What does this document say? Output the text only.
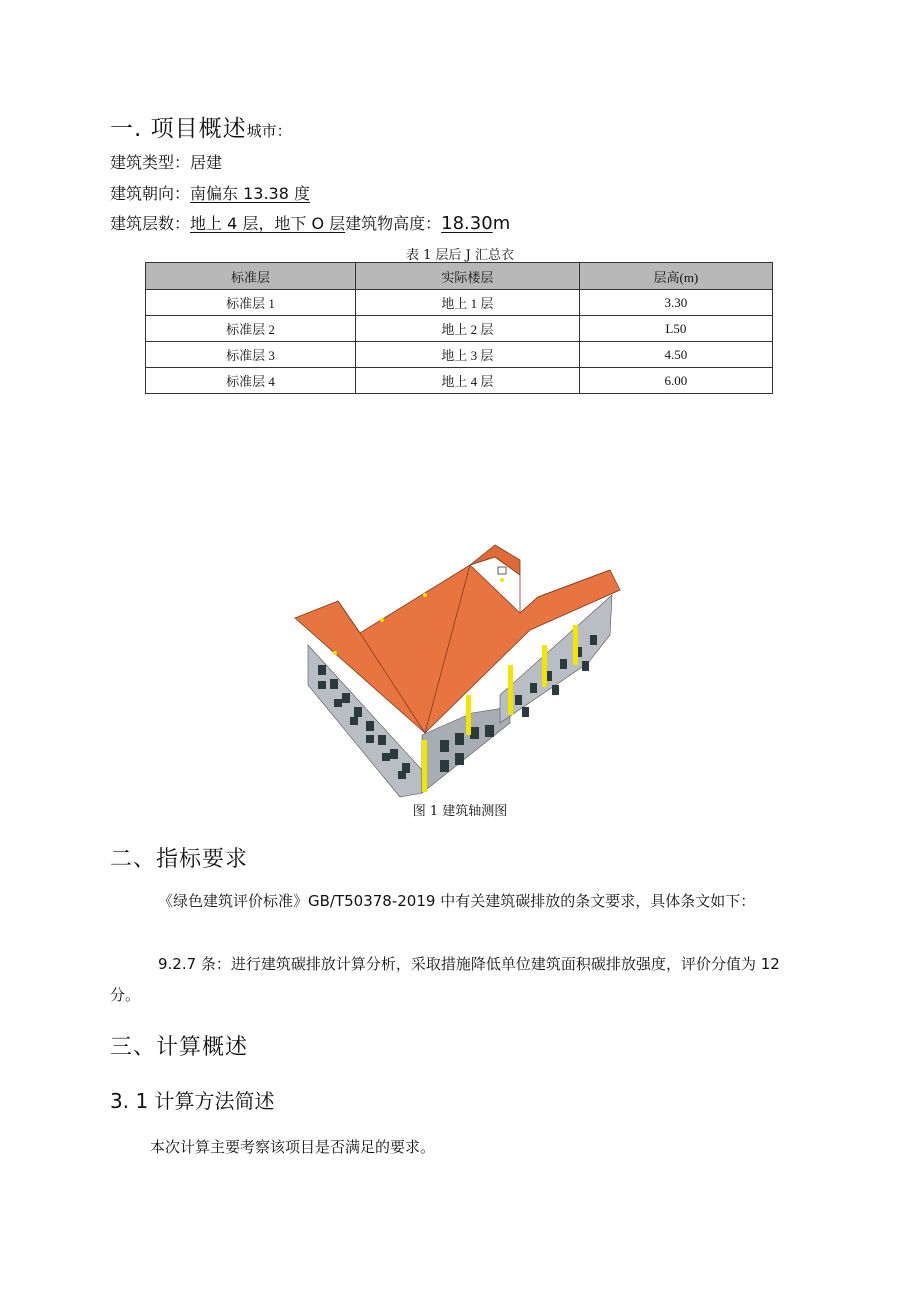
一. 项目概述城市：
建筑类型：居建
建筑朝向：南偏东 13.38 度
建筑层数：地上 4 层，地下 O 层建筑物高度：18.30m
表 1 层后 J 汇总衣
标准层	实际楼层	层高(m)
标准层 1	地上 1 层	3.30
标准层 2	地上 2 层	L50
标准层 3	地上 3 层	4.50
标准层 4	地上 4 层	6.00
图 1 建筑轴测图
二、指标要求
《绿色建筑评价标准》GB/T50378-2019 中有关建筑碳排放的条文要求，具体条文如下：
9.2.7 条：进行建筑碳排放计算分析，采取措施降低单位建筑面积碳排放强度，评价分值为 12 分。
三、计算概述
3. 1 计算方法简述
本次计算主要考察该项目是否满足的要求。
